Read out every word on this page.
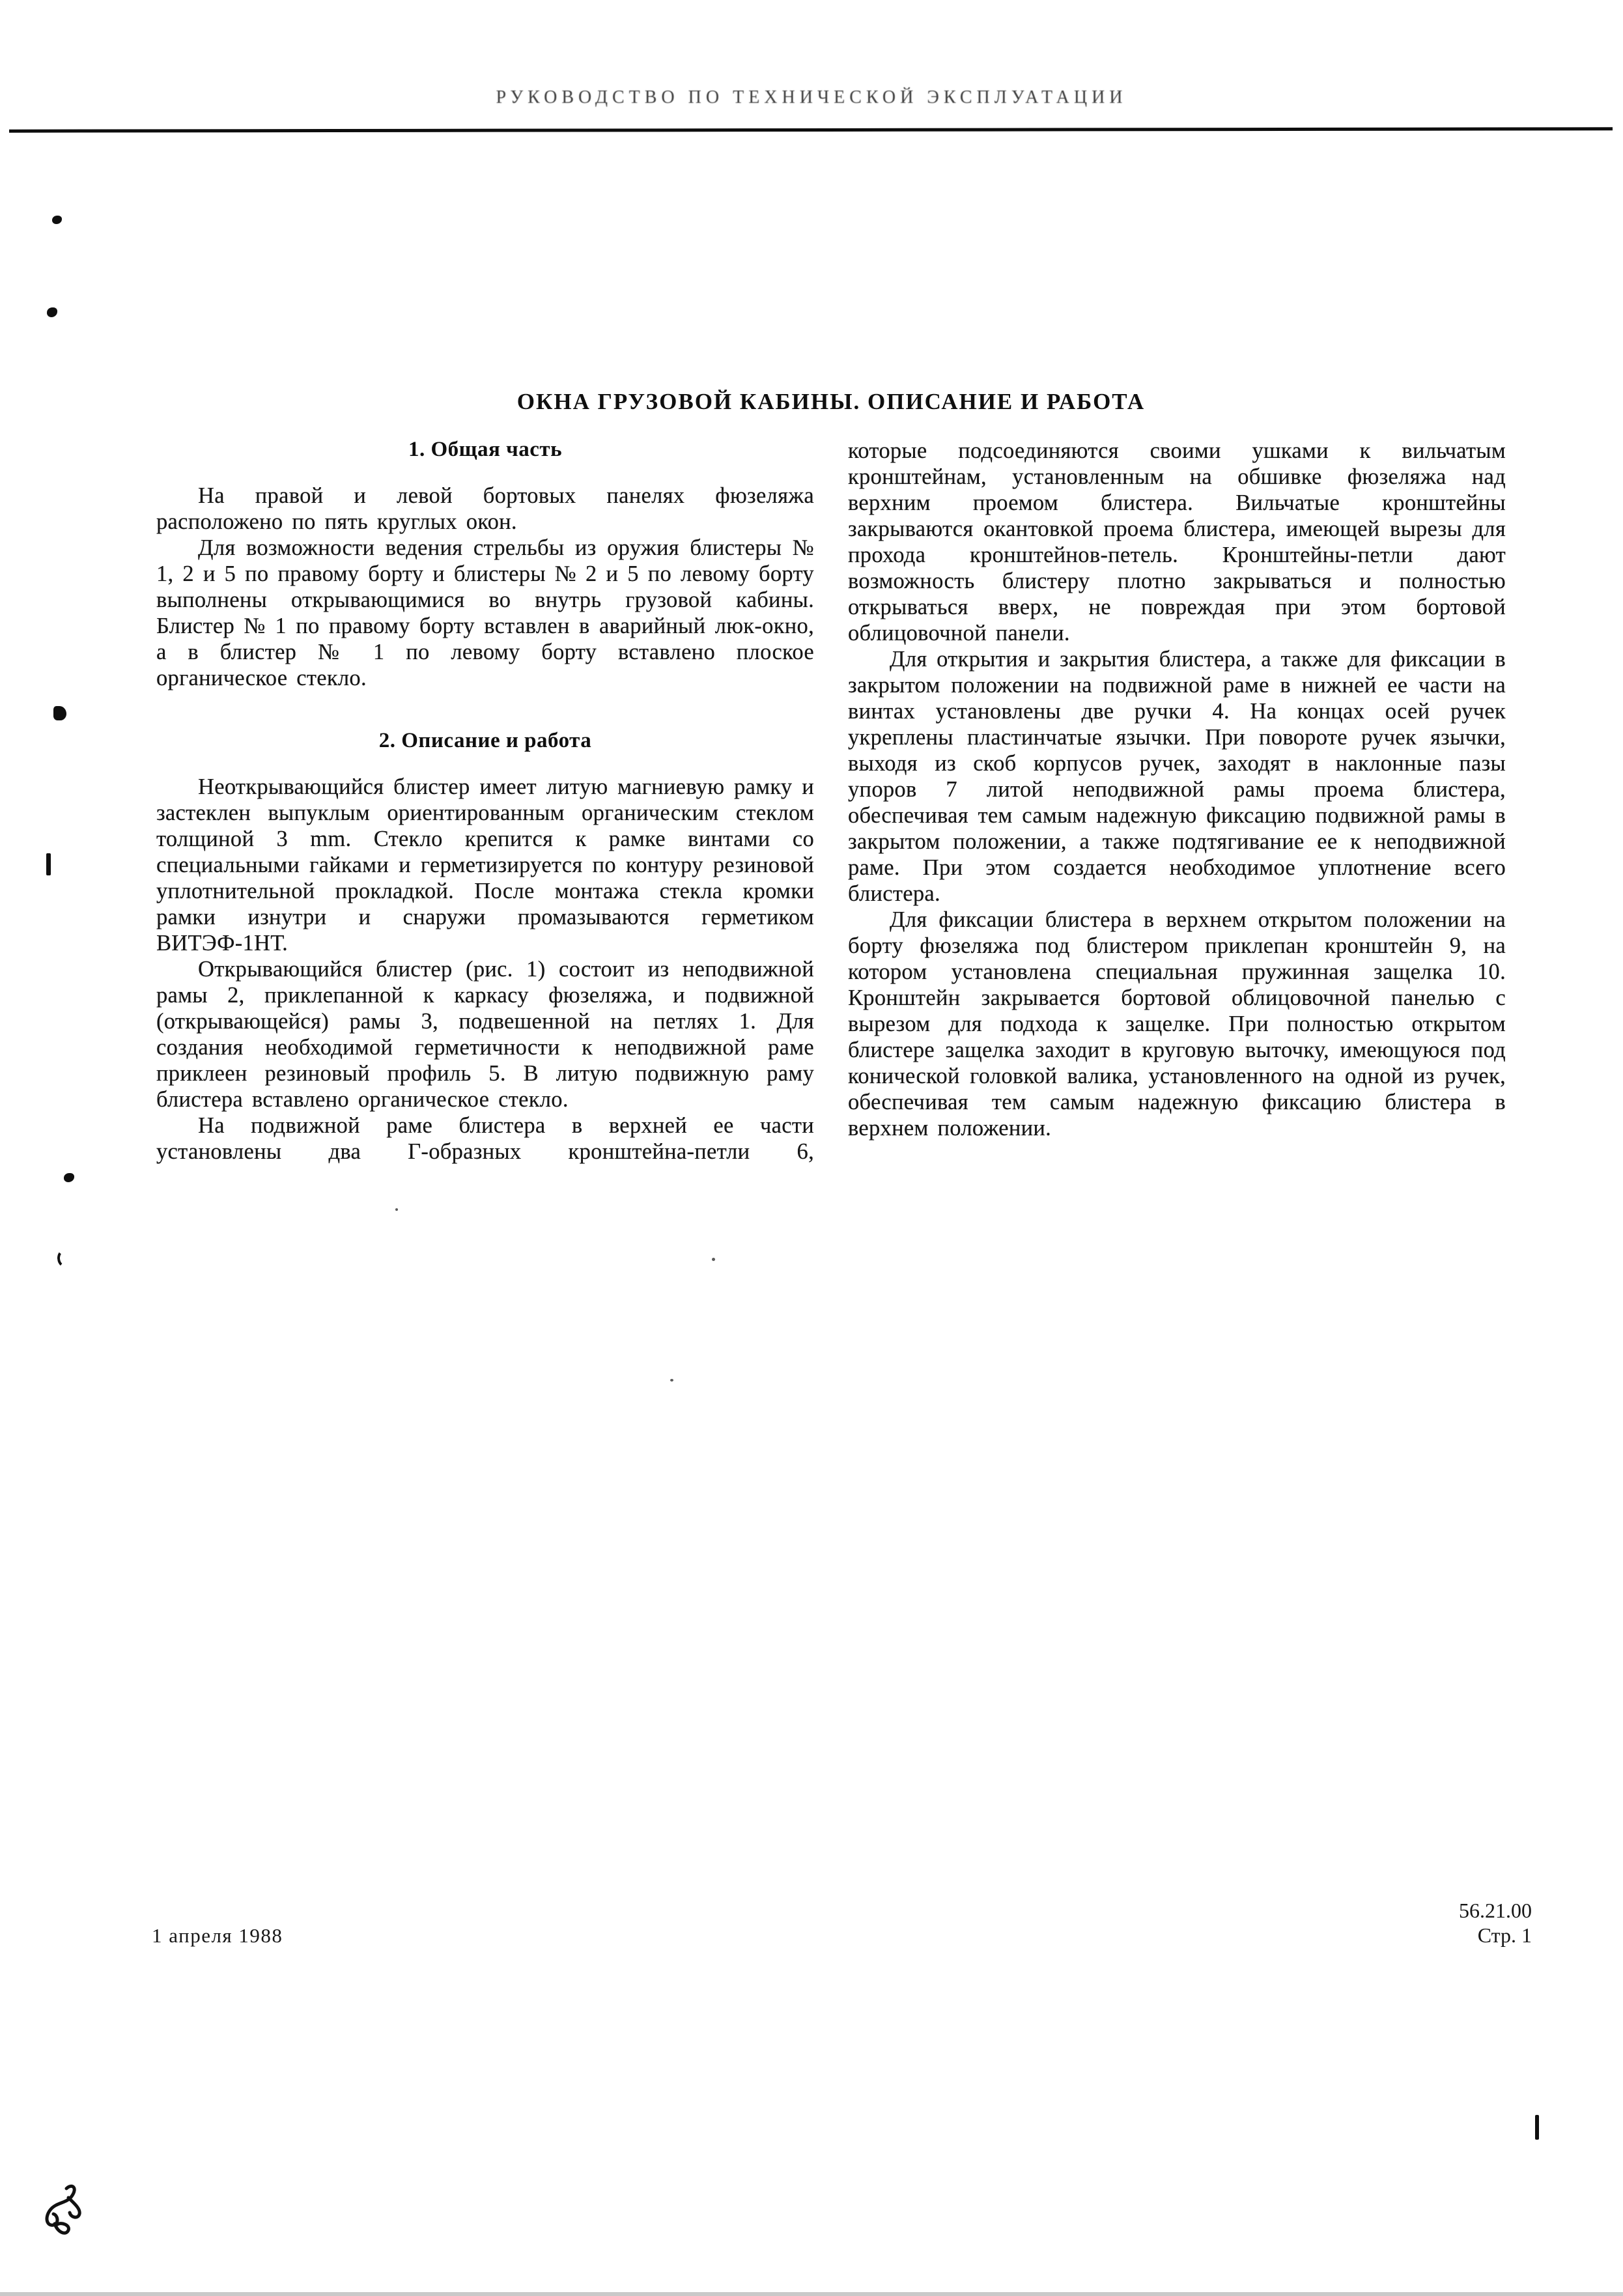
РУКОВОДСТВО ПО ТЕХНИЧЕСКОЙ ЭКСПЛУАТАЦИИ
ОКНА ГРУЗОВОЙ КАБИНЫ. ОПИСАНИЕ И РАБОТА
1. Общая часть

На правой и левой бортовых панелях фюзеляжа расположено по пять круглых окон.

Для возможности ведения стрельбы из оружия блистеры № 1, 2 и 5 по правому борту и блистеры № 2 и 5 по левому борту выполнены открывающимися во внутрь грузовой кабины. Блистер № 1 по правому борту вставлен в аварийный люк-окно, а в блистер № 1 по левому борту вставлено плоское органическое стекло.

2. Описание и работа

Неоткрывающийся блистер имеет литую магниевую рамку и застеклен выпуклым ориентированным органическим стеклом толщиной 3 mm. Стекло крепится к рамке винтами со специальными гайками и герметизируется по контуру резиновой уплотнительной прокладкой. После монтажа стекла кромки рамки изнутри и снаружи промазываются герметиком ВИТЭФ-1НТ.

Открывающийся блистер (рис. 1) состоит из неподвижной рамы 2, приклепанной к каркасу фюзеляжа, и подвижной (открывающейся) рамы 3, подвешенной на петлях 1. Для создания необходимой герметичности к неподвижной раме приклеен резиновый профиль 5. В литую подвижную раму блистера вставлено органическое стекло.

На подвижной раме блистера в верхней ее части установлены два Г-образных кронштейна-петли 6,

которые подсоединяются своими ушками к вильчатым кронштейнам, установленным на обшивке фюзеляжа над верхним проемом блистера. Вильчатые кронштейны закрываются окантовкой проема блистера, имеющей вырезы для прохода кронштейнов-петель. Кронштейны-петли дают возможность блистеру плотно закрываться и полностью открываться вверх, не повреждая при этом бортовой облицовочной панели.

Для открытия и закрытия блистера, а также для фиксации в закрытом положении на подвижной раме в нижней ее части на винтах установлены две ручки 4. На концах осей ручек укреплены пластинчатые язычки. При повороте ручек язычки, выходя из скоб корпусов ручек, заходят в наклонные пазы упоров 7 литой неподвижной рамы проема блистера, обеспечивая тем самым надежную фиксацию подвижной рамы в закрытом положении, а также подтягивание ее к неподвижной раме. При этом создается необходимое уплотнение всего блистера.

Для фиксации блистера в верхнем открытом положении на борту фюзеляжа под блистером приклепан кронштейн 9, на котором установлена специальная пружинная защелка 10. Кронштейн закрывается бортовой облицовочной панелью с вырезом для подхода к защелке. При полностью открытом блистере защелка заходит в круговую выточку, имеющуюся под конической головкой валика, установленного на одной из ручек, обеспечивая тем самым надежную фиксацию блистера в верхнем положении.

1 апреля 1988
56.21.00
Стр. 1
